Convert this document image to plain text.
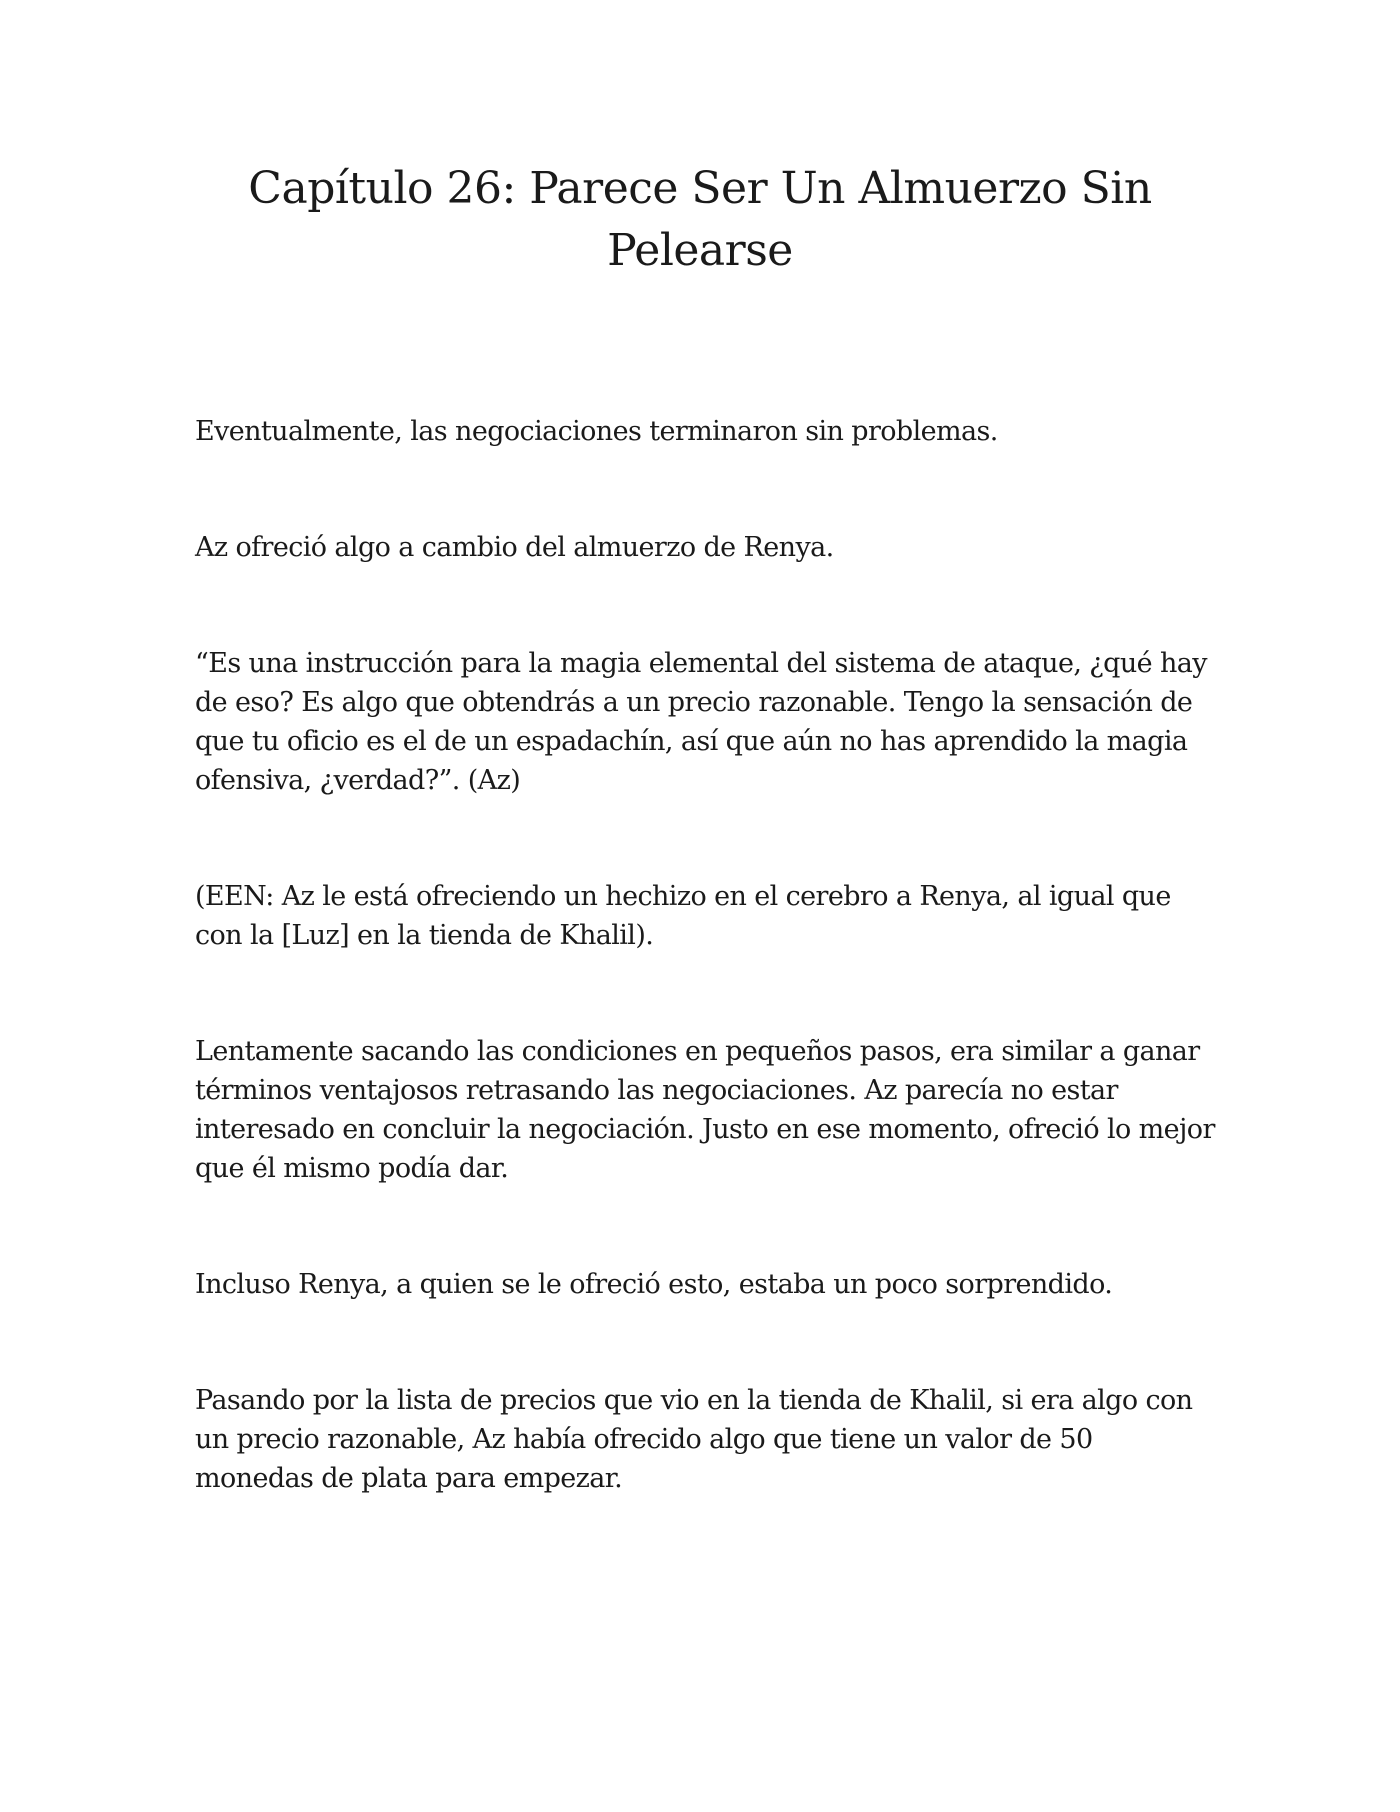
Capítulo 26: Parece Ser Un Almuerzo Sin Pelearse

Eventualmente, las negociaciones terminaron sin problemas.

Az ofreció algo a cambio del almuerzo de Renya.

“Es una instrucción para la magia elemental del sistema de ataque, ¿qué hay de eso? Es algo que obtendrás a un precio razonable. Tengo la sensación de que tu oficio es el de un espadachín, así que aún no has aprendido la magia ofensiva, ¿verdad?”. (Az)

(EEN: Az le está ofreciendo un hechizo en el cerebro a Renya, al igual que con la [Luz] en la tienda de Khalil).

Lentamente sacando las condiciones en pequeños pasos, era similar a ganar términos ventajosos retrasando las negociaciones. Az parecía no estar interesado en concluir la negociación. Justo en ese momento, ofreció lo mejor que él mismo podía dar.

Incluso Renya, a quien se le ofreció esto, estaba un poco sorprendido.

Pasando por la lista de precios que vio en la tienda de Khalil, si era algo con un precio razonable, Az había ofrecido algo que tiene un valor de 50 monedas de plata para empezar.
